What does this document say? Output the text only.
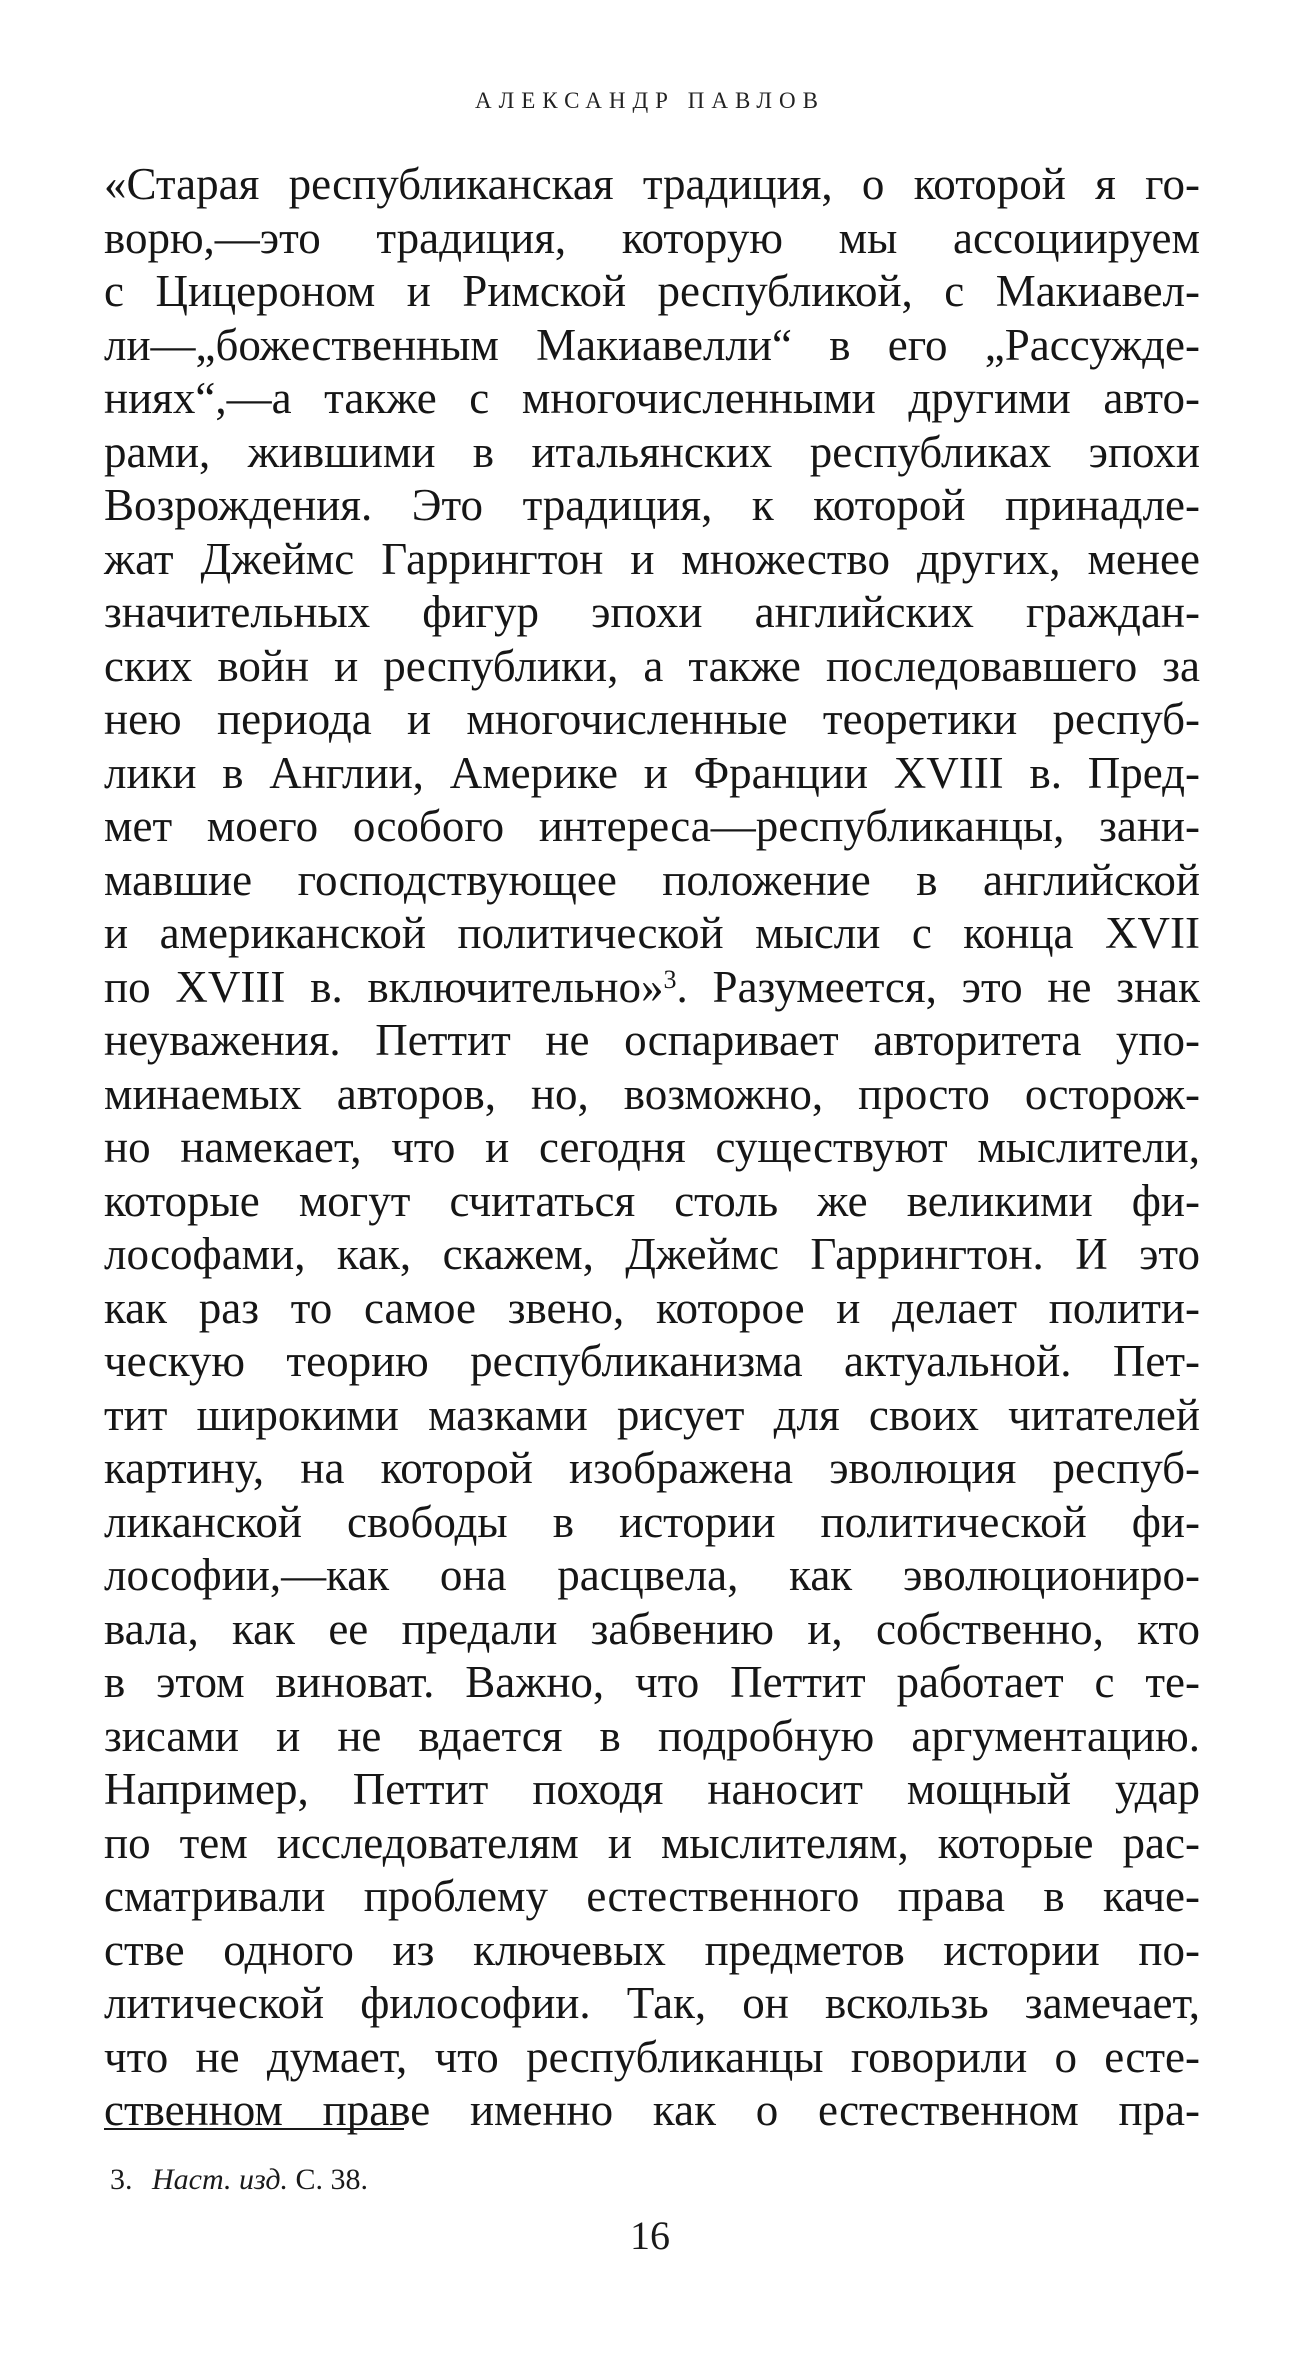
АЛЕКСАНДР ПАВЛОВ
«Старая республиканская традиция, о которой я го-
ворю,—это традиция, которую мы ассоциируем
с Цицероном и Римской республикой, с Макиавел-
ли—„божественным Макиавелли“ в его „Рассужде-
ниях“,—а также с многочисленными другими авто-
рами, жившими в итальянских республиках эпохи
Возрождения. Это традиция, к которой принадле-
жат Джеймс Гаррингтон и множество других, менее
значительных фигур эпохи английских граждан-
ских войн и республики, а также последовавшего за
нею периода и многочисленные теоретики респуб-
лики в Англии, Америке и Франции XVIII в. Пред-
мет моего особого интереса—республиканцы, зани-
мавшие господствующее положение в английской
и американской политической мысли с конца XVII
по XVIII в. включительно»$^3$. Разумеется, это не знак
неуважения. Петтит не оспаривает авторитета упо-
минаемых авторов, но, возможно, просто осторож-
но намекает, что и сегодня существуют мыслители,
которые могут считаться столь же великими фи-
лософами, как, скажем, Джеймс Гаррингтон. И это
как раз то самое звено, которое и делает полити-
ческую теорию республиканизма актуальной. Пет-
тит широкими мазками рисует для своих читателей
картину, на которой изображена эволюция респуб-
ликанской свободы в истории политической фи-
лософии,—как она расцвела, как эволюциониро-
вала, как ее предали забвению и, собственно, кто
в этом виноват. Важно, что Петтит работает с те-
зисами и не вдается в подробную аргументацию.
Например, Петтит походя наносит мощный удар
по тем исследователям и мыслителям, которые рас-
сматривали проблему естественного права в каче-
стве одного из ключевых предметов истории по-
литической философии. Так, он вскользь замечает,
что не думает, что республиканцы говорили о есте-
ственном праве именно как о естественном пра-
3. Наст. изд. С. 38.
16
